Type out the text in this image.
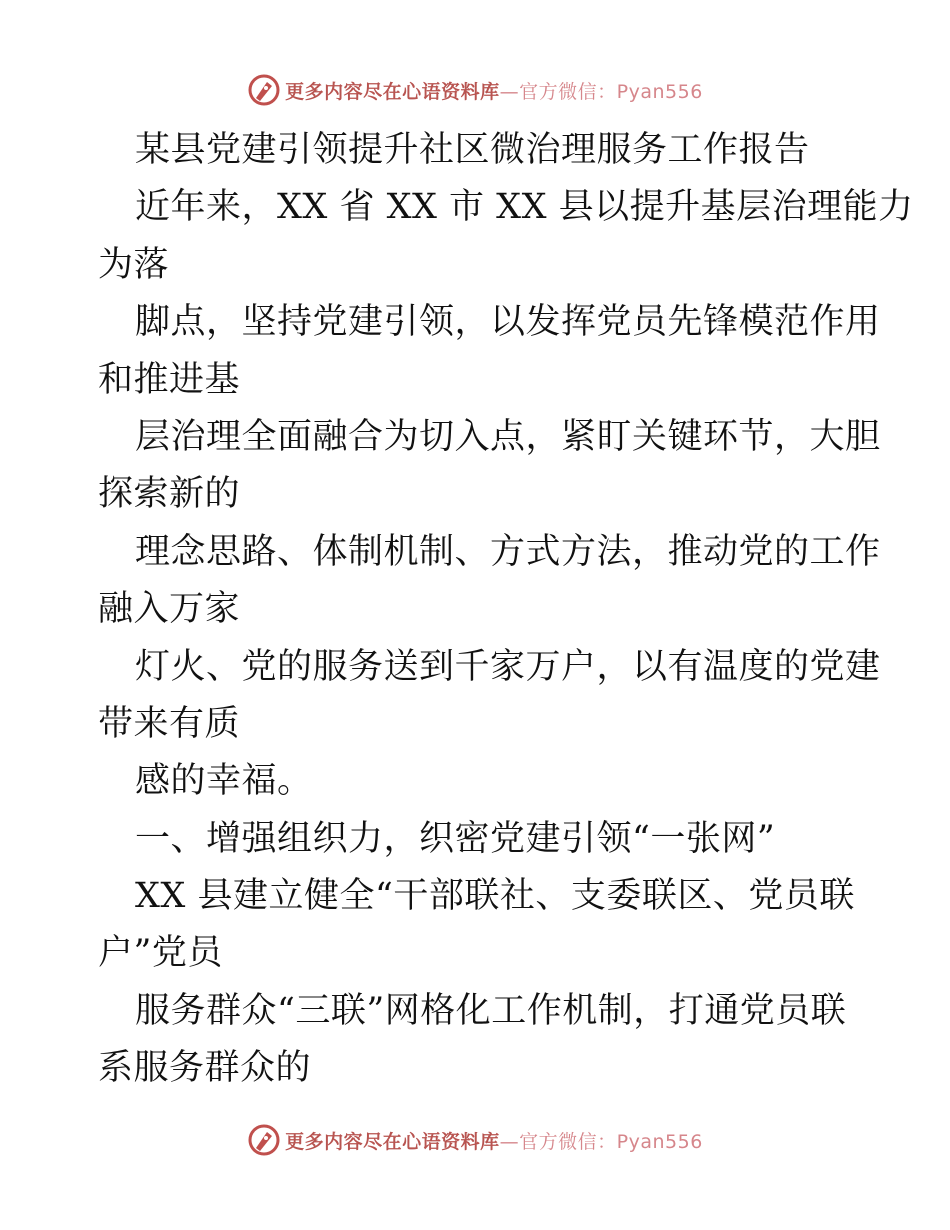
更多内容尽在心语资料库—官方微信：Pyan556
某县党建引领提升社区微治理服务工作报告
近年来，XX 省 XX 市 XX 县以提升基层治理能力
为落
脚点，坚持党建引领，以发挥党员先锋模范作用
和推进基
层治理全面融合为切入点，紧盯关键环节，大胆
探索新的
理念思路、体制机制、方式方法，推动党的工作
融入万家
灯火、党的服务送到千家万户，以有温度的党建
带来有质
感的幸福。
一、增强组织力，织密党建引领“一张网”
XX 县建立健全“干部联社、支委联区、党员联
户”党员
服务群众“三联”网格化工作机制，打通党员联
系服务群众的
更多内容尽在心语资料库—官方微信：Pyan556
